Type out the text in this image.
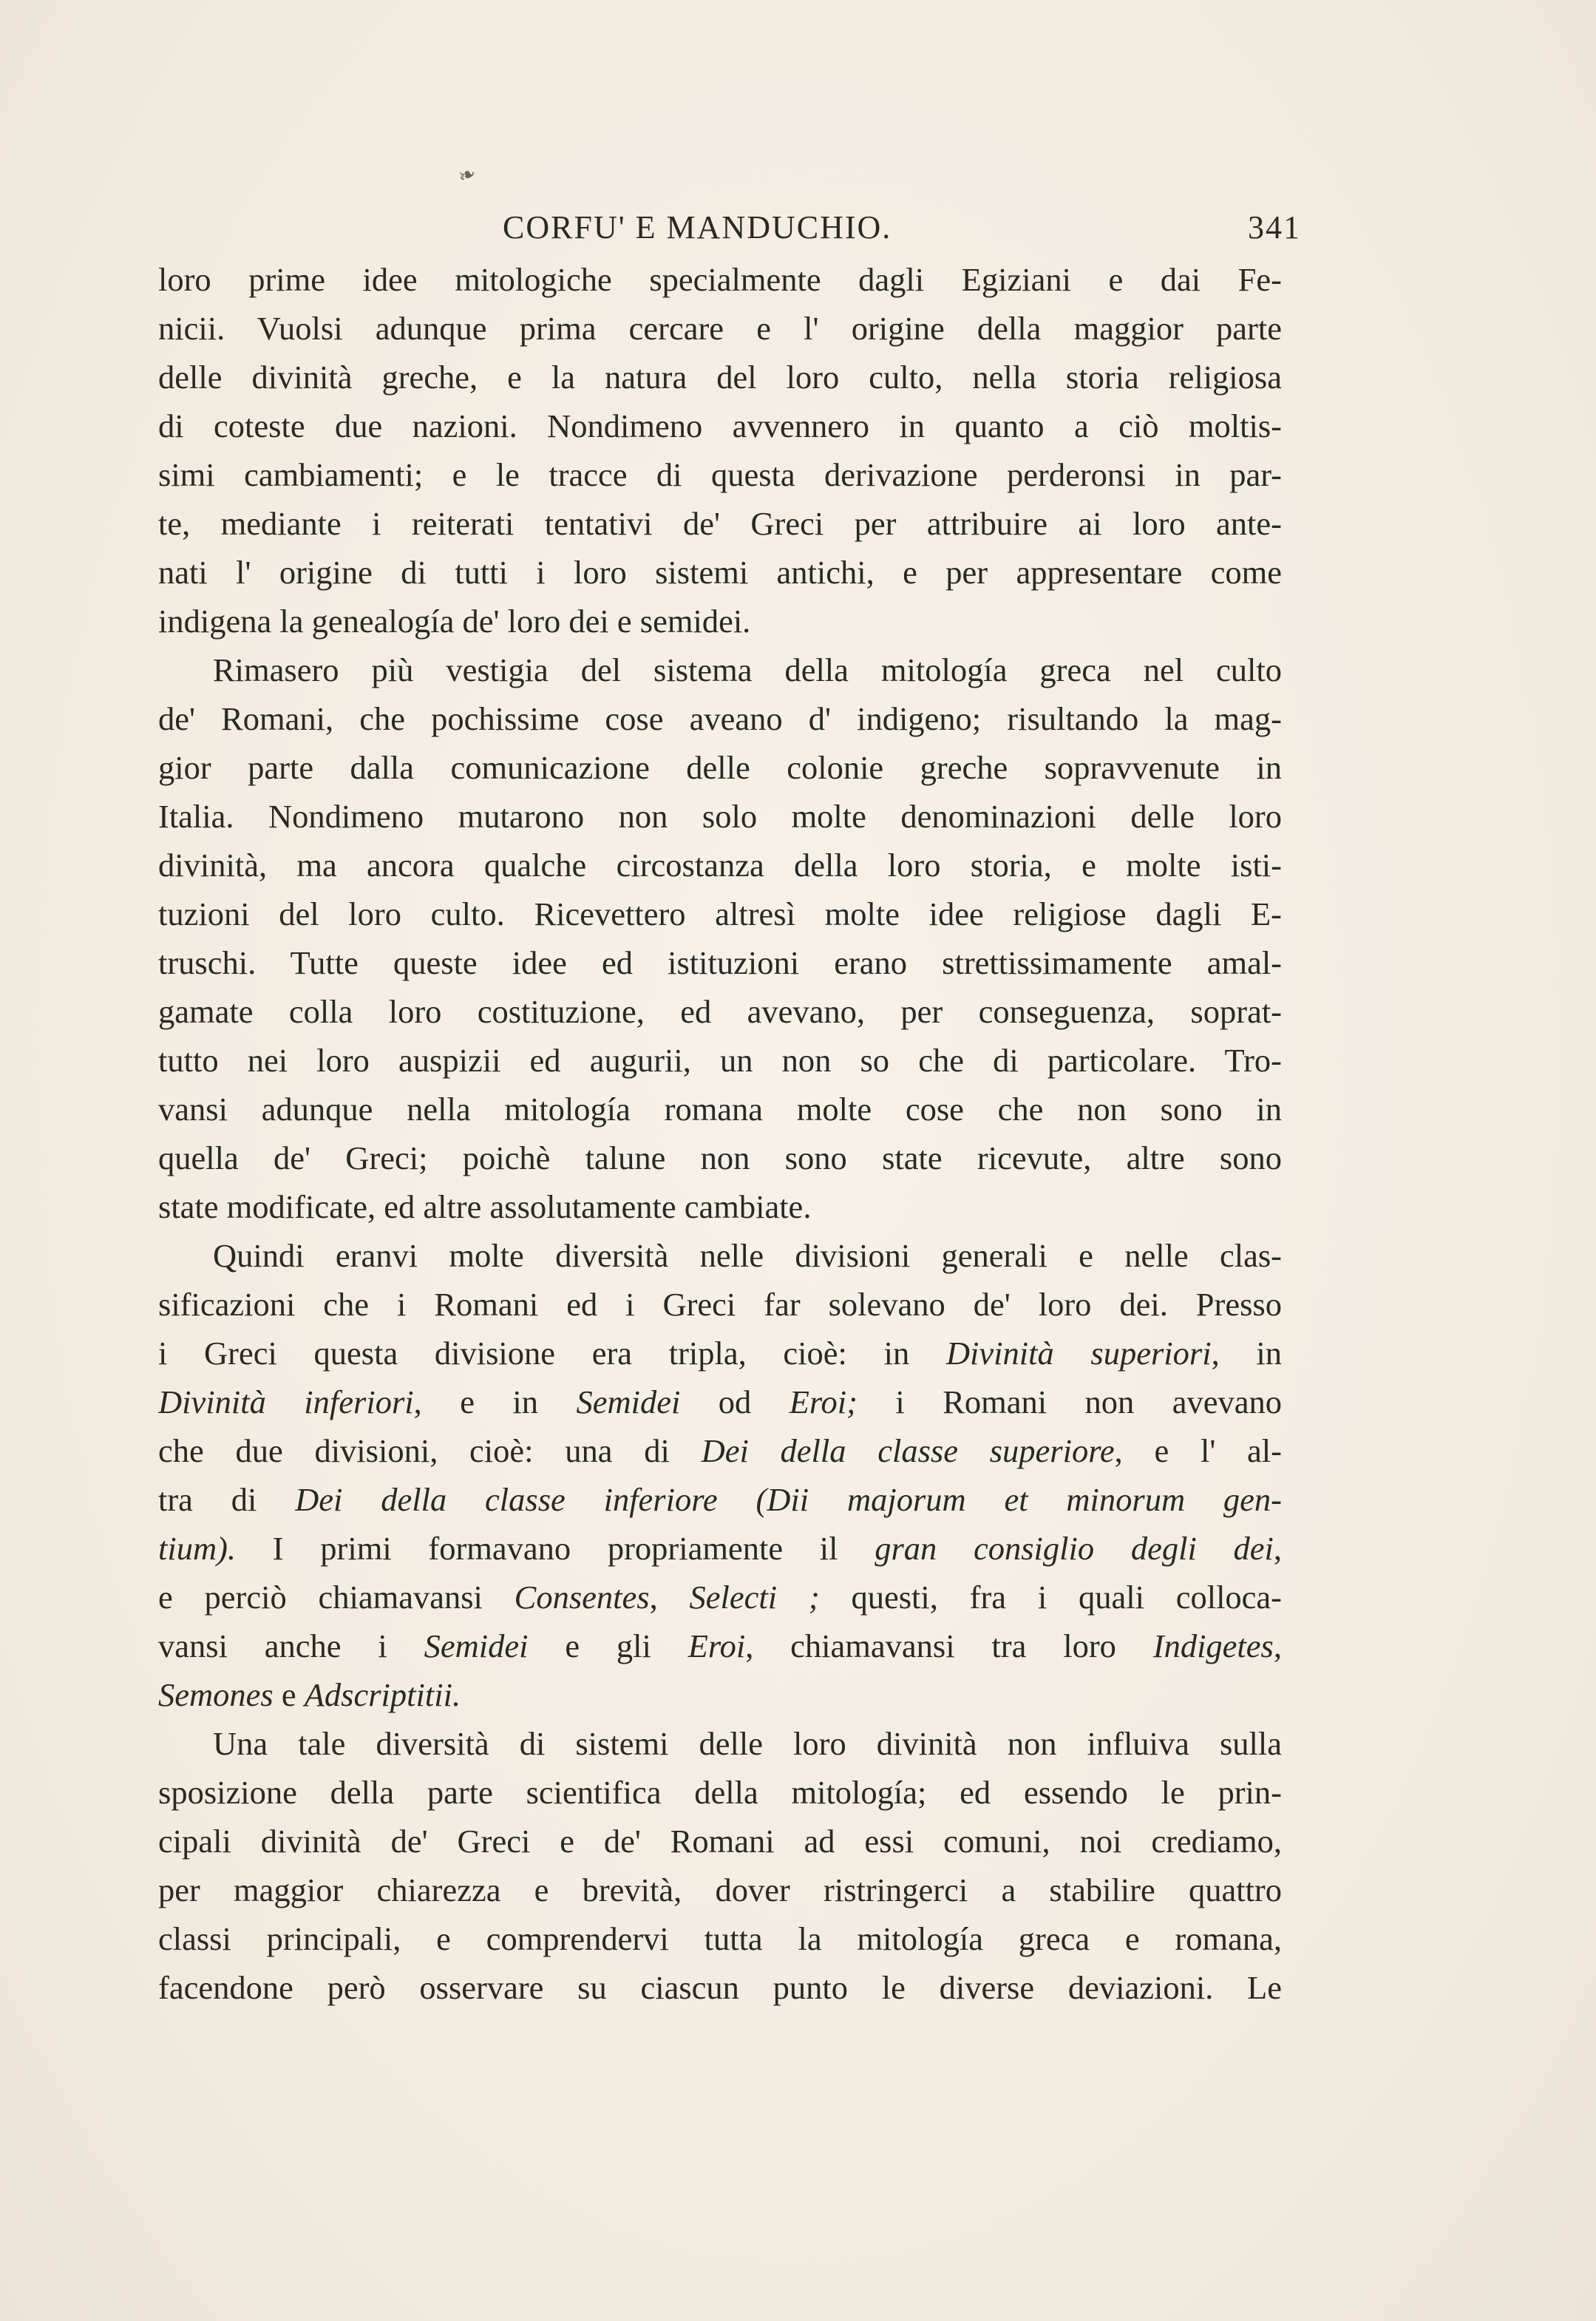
❧
CORFU' E MANDUCHIO.	341
loro prime idee mitologiche specialmente dagli Egiziani e dai Fe-
nicii. Vuolsi adunque prima cercare e l' origine della maggior parte
delle divinità greche, e la natura del loro culto, nella storia religiosa
di coteste due nazioni. Nondimeno avvennero in quanto a ciò moltis-
simi cambiamenti; e le tracce di questa derivazione perderonsi in par-
te, mediante i reiterati tentativi de' Greci per attribuire ai loro ante-
nati l' origine di tutti i loro sistemi antichi, e per appresentare come
indigena la genealogía de' loro dei e semidei.
Rimasero più vestigia del sistema della mitología greca nel culto
de' Romani, che pochissime cose aveano d' indigeno; risultando la mag-
gior parte dalla comunicazione delle colonie greche sopravvenute in
Italia. Nondimeno mutarono non solo molte denominazioni delle loro
divinità, ma ancora qualche circostanza della loro storia, e molte isti-
tuzioni del loro culto. Ricevettero altresì molte idee religiose dagli E-
truschi. Tutte queste idee ed istituzioni erano strettissimamente amal-
gamate colla loro costituzione, ed avevano, per conseguenza, soprat-
tutto nei loro auspizii ed augurii, un non so che di particolare. Tro-
vansi adunque nella mitología romana molte cose che non sono in
quella de' Greci; poichè talune non sono state ricevute, altre sono
state modificate, ed altre assolutamente cambiate.
Quindi eranvi molte diversità nelle divisioni generali e nelle clas-
sificazioni che i Romani ed i Greci far solevano de' loro dei. Presso
i Greci questa divisione era tripla, cioè: in Divinità superiori, in
Divinità inferiori, e in Semidei od Eroi; i Romani non avevano
che due divisioni, cioè: una di Dei della classe superiore, e l' al-
tra di Dei della classe inferiore (Dii majorum et minorum gen-
tium). I primi formavano propriamente il gran consiglio degli dei,
e perciò chiamavansi Consentes, Selecti ; questi, fra i quali colloca-
vansi anche i Semidei e gli Eroi, chiamavansi tra loro Indigetes,
Semones e Adscriptitii.
Una tale diversità di sistemi delle loro divinità non influiva sulla
sposizione della parte scientifica della mitología; ed essendo le prin-
cipali divinità de' Greci e de' Romani ad essi comuni, noi crediamo,
per maggior chiarezza e brevità, dover ristringerci a stabilire quattro
classi principali, e comprendervi tutta la mitología greca e romana,
facendone però osservare su ciascun punto le diverse deviazioni. Le
